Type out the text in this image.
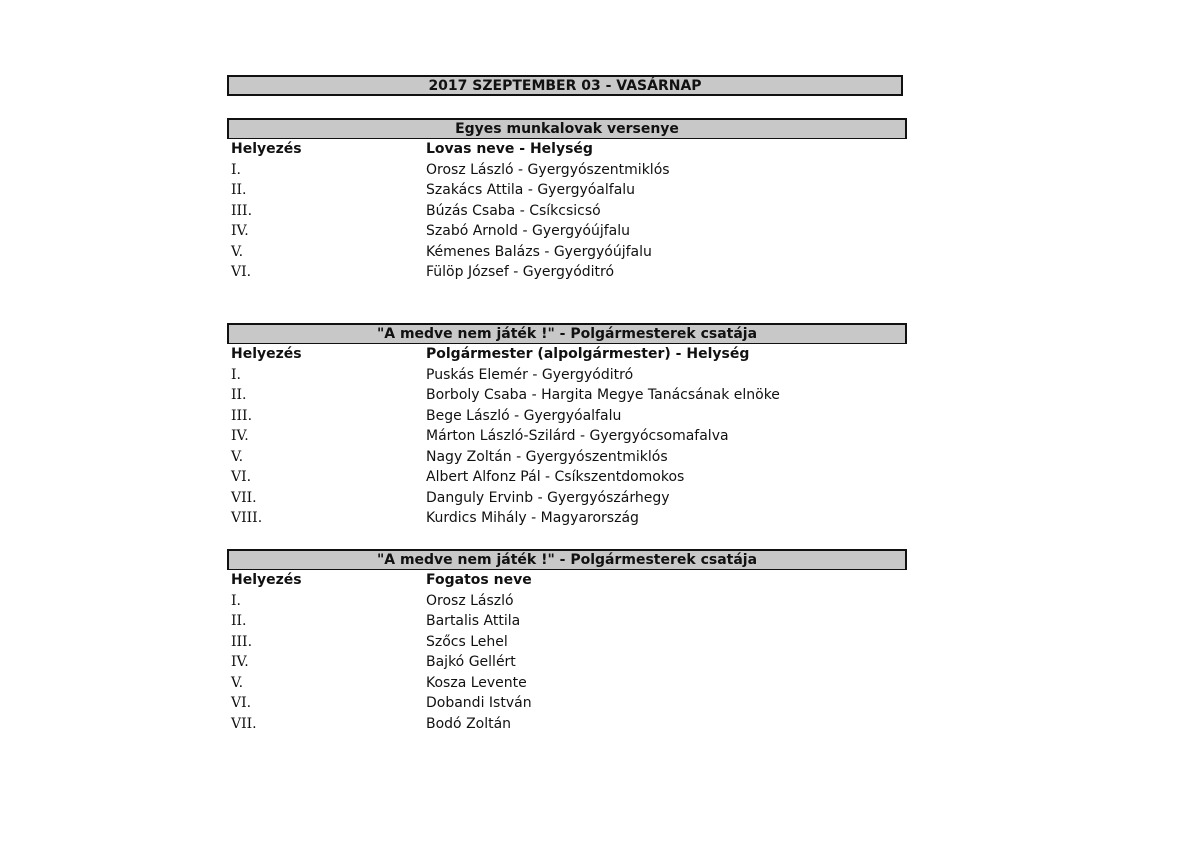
2017 SZEPTEMBER 03 - VASÁRNAP
Egyes munkalovak versenye
Helyezés	Lovas neve - Helység
I.	Orosz László - Gyergyószentmiklós
II.	Szakács Attila - Gyergyóalfalu
III.	Búzás Csaba - Csíkcsicsó
IV.	Szabó Arnold - Gyergyóújfalu
V.	Kémenes Balázs - Gyergyóújfalu
VI.	Fülöp József - Gyergyóditró
"A medve nem játék !" - Polgármesterek csatája
Helyezés	Polgármester (alpolgármester) - Helység
I.	Puskás Elemér - Gyergyóditró
II.	Borboly Csaba - Hargita Megye Tanácsának elnöke
III.	Bege László - Gyergyóalfalu
IV.	Márton László-Szilárd - Gyergyócsomafalva
V.	Nagy Zoltán - Gyergyószentmiklós
VI.	Albert Alfonz Pál - Csíkszentdomokos
VII.	Danguly Ervinb - Gyergyószárhegy
VIII.	Kurdics Mihály - Magyarország
"A medve nem játék !" - Polgármesterek csatája
Helyezés	Fogatos neve
I.	Orosz László
II.	Bartalis Attila
III.	Szőcs Lehel
IV.	Bajkó Gellért
V.	Kosza Levente
VI.	Dobandi István
VII.	Bodó Zoltán
